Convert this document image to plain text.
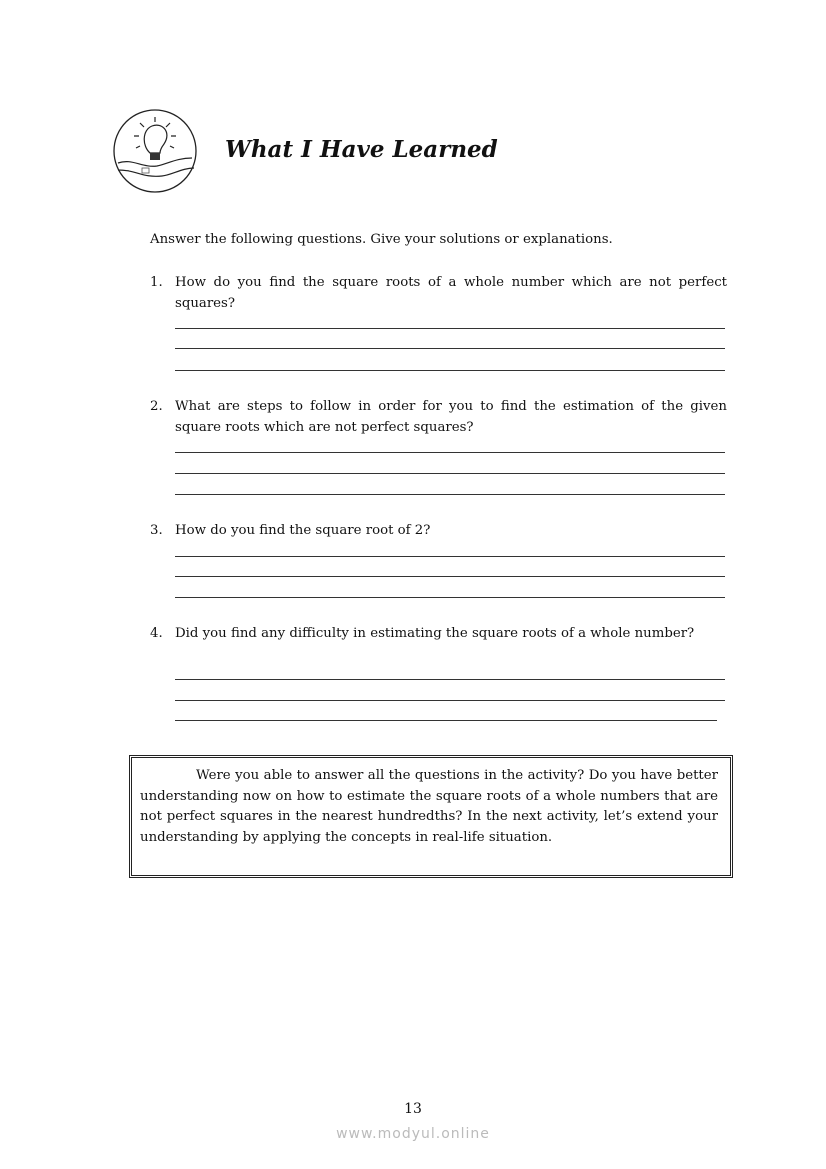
What I Have Learned
Answer the following questions. Give your solutions or explanations.
1. How do you find the square roots of a whole number which are not perfect squares?
2. What are steps to follow in order for you to find the estimation of the given square roots which are not perfect squares?
3. How do you find the square root of 2?
4. Did you find any difficulty in estimating the square roots of a whole number?
Were you able to answer all the questions in the activity? Do you have better understanding now on how to estimate the square roots of a whole numbers that are not perfect squares in the nearest hundredths? In the next activity, let’s extend your understanding by applying the concepts in real-life situation.
13
www.modyul.online
